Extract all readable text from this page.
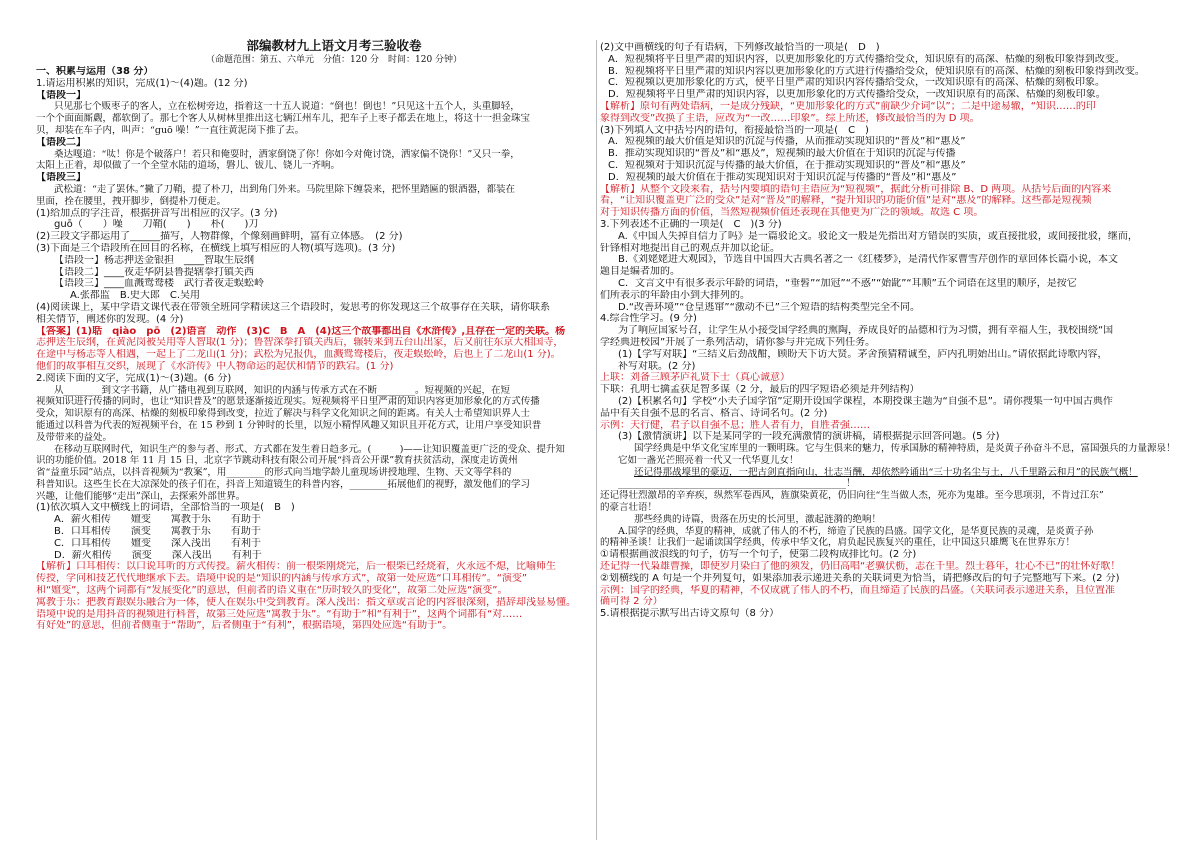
部编教材九上语文月考三验收卷
（命题范围：第五、六单元　分值：120 分　时间：120 分钟）
一、积累与运用（38 分）
1.请运用积累的知识，完成(1)～(4)题。(12 分)
【语段一】
只见那七个贩枣子的客人，立在松树旁边，指着这一十五人说道：“倒也！倒也！”只见这十五个人，头重脚轻，
一个个面面厮觑，都软倒了。那七个客人从树林里推出这七辆江州车儿，把车子上枣子都丢在地上，将这十一担金珠宝
贝，却装在车子内，叫声：“guō 噪！”一直往黄泥岗下推了去。
【语段二】
桑达嘎道：“呔！你是个破落户！若只和俺耍时，洒家倒饶了你！你如今对俺讨饶，洒家偏不饶你！”又只一拳，
太阳上正着，却似做了一个全堂水陆的道场，磐儿、钹儿、铙儿一齐响。
【语段三】
武松道：“走了罢休。”撇了刀鞘，提了朴刀，出到角门外来。马院里除下缠袋来，把怀里踏匾的银酒器，都装在
里面，拴在腰里，拽开脚步，倒提朴刀便走。
(1)给加点的字注音，根据拼音写出相应的汉字。(3 分)
guō（　　）噪　　刀鞘(　　)　　朴(　　)刀
(2)三段文字都运用了______描写，人物群像，个像刻画鲜明，富有立体感。　(2 分)
(3)下面是三个语段所在回目的名称，在横线上填写相应的人物(填写选项)。(3 分)
【语段一】杨志押送金银担　____智取生辰纲
【语段二】____夜走华阴县鲁提辖拳打镇关西
【语段三】____血溅鸳鸯楼　武行者夜走蜈蚣岭
A.张都监　B.史大郎　C.吴用
(4)阅读课上，某中学语文课代表在带领全班同学精读这三个语段时，爱思考的你发现这三个故事存在关联，请你联系
相关情节，阐述你的发现。(4 分)
【答案】(1)聒　qiào　pō　(2)语言　动作　(3)C　B　A　(4)这三个故事都出自《水浒传》,且存在一定的关联。杨
志押送生辰纲，在黄泥岗被吴用等人智取(1 分)；鲁智深拳打镇关西后，辗转来到五台山出家，后又前往东京大相国寺，
在途中与杨志等人相遇，一起上了二龙山(1 分)；武松为兄报仇，血溅鸳鸯楼后，夜走蜈蚣岭，后也上了二龙山(1 分)。
他们的故事相互交织，展现了《水浒传》中人物命运的起伏和情节的跌宕。(1 分)
2.阅读下面的文字，完成(1)～(3)题。(6 分)
从________到文字书籍，从广播电视到互联网，知识的内涵与传承方式在不断________。短视频的兴起，在短
视频知识进行传播的同时，也让“知识普及”的愿景逐渐接近现实。短视频将平日里严肃的知识内容更加形象化的方式传播
受众，知识原有的高深、枯燥的刻板印象得到改变，拉近了解决与科学文化知识之间的距离。有关人士希望知识界人士
能通过以科普为代表的短视频平台，在 15 秒到 1 分钟时的长里，以短小精悍风趣又知识且开花方式，让用户享受知识普
及带带来的益处。
在移动互联网时代，知识生产的参与者、形式、方式都在发生着日趋多元。(　　　)——让知识覆盖更广泛的受众、提升知
识的功能价值。2018 年 11 月 15 日，北京字节跳动科技有限公司开展“抖音公开课”教育扶贫活动，深度走访黄州
省“益童乐园”站点，以抖音视频为“教案”，用________的形式向当地学龄儿童现场讲授地理、生物、天文等学科的
科普知识。这些生长在大凉深处的孩子们在，抖音上知道镜生的科普内容，________拓展他们的视野，激发他们的学习
兴趣，让他们能够“走出”深山，去探索外部世界。
(1)依次填入文中横线上的词语，全部恰当的一项是(　B　)
A．薪火相传　　嬗变　　寓教于乐　　有助于
B．口耳相传　　演变　　寓教于乐　　有助于
C．口耳相传　　嬗变　　深入浅出　　有利于
D．薪火相传　　演变　　深入浅出　　有利于
【解析】口耳相传：以口说耳听的方式传授。薪火相传：前一根柴刚烧完，后一根柴已经烧着，火永远不熄，比喻师生
传授，学问和技艺代代地继承下去。语境中说的是“知识的内涵与传承方式”，故第一处应选“口耳相传”。“演变”
和“嬗变”，这两个词都有“发展变化”的意思，但前者的语义重在“历时较久的变化”，故第二处应选“演变”。
寓教于乐：把教育跟娱乐融合为一体，使人在娱乐中受到教育。深入浅出：指文章或言论的内容很深刻，措辞却浅显易懂。
语境中说的是用抖音的视频进行科普，故第三处应选“寓教于乐”。“有助于”和“有利于”，这两个词都有“对……
有好处”的意思，但前者侧重于“帮助”，后者侧重于“有利”，根据语境，第四处应选“有助于”。
(2)文中画横线的句子有语病，下列修改最恰当的一项是(　D　)
A．短视频将平日里严肃的知识内容，以更加形象化的方式传播给受众，知识原有的高深、枯燥的刻板印象得到改变。
B．短视频将平日里严肃的知识内容以更加形象化的方式进行传播给受众，使知识原有的高深、枯燥的刻板印象得到改变。
C．短视频以更加形象化的方式，使平日里严肃的知识内容传播给受众，一改知识原有的高深、枯燥的刻板印象。
D．短视频将平日里严肃的知识内容，以更加形象化的方式传播给受众，一改知识原有的高深、枯燥的刻板印象。
【解析】原句有两处语病，一是成分残缺，“更加形象化的方式”前缺少介词“以”；二是中途易辙，“知识……的印
象得到改变”改换了主语，应改为“一改……印象”。综上所述，修改最恰当的为 D 项。
(3)下列填入文中括号内的语句，衔接最恰当的一项是(　C　)
A．短视频的最大价值是知识的沉淀与传播，从而推动实现知识的“普及”和“惠及”
B．推动实现知识的“普及”和“惠及”，短视频的最大价值在于知识的沉淀与传播
C．短视频对于知识沉淀与传播的最大价值，在于推动实现知识的“普及”和“惠及”
D．短视频的最大价值在于推动实现知识对于知识沉淀与传播的“普及”和“惠及”
【解析】从整个文段来看，括号内要填的语句主语应为“短视频”，据此分析可排除 B、D 两项。从括号后面的内容来
看，“让知识覆盖更广泛的受众”是对“普及”的解释，“提升知识的功能价值”是对“惠及”的解释。这些都是短视频
对于知识传播方面的价值，当然短视频价值还表现在其他更为广泛的领域。故选 C 项。
3.下列表述不正确的一项是(　C　)(3 分)
A.《中国人失掉自信力了吗》是一篇驳论文。驳论文一般是先指出对方错误的实质，或直接批驳，或间接批驳，继而，
针锋相对地提出自己的观点并加以论证。
B.《刘姥姥进大观园》，节选自中国四大古典名著之一《红楼梦》，是清代作家曹雪芹创作的章回体长篇小说，本文
题目是编者加的。
C．文言文中有很多表示年龄的词语，“垂髫”“加冠”“不惑”“始龀”“耳顺”五个词语在这里的顺序，是按它
们所表示的年龄由小到大排列的。
D.“改善环境”“仓皇逃窜”“激动不已”三个短语的结构类型完全不同。
4.综合性学习。(9 分)
为了响应国家号召，让学生从小接受国学经典的熏陶，养成良好的品德和行为习惯，拥有幸福人生，我校围绕“国
学经典进校园”开展了一系列活动，请你参与并完成下列任务。
(1)【学写对联】“三结义后劲战酣，顾盼天下访大贤。茅舍预猜精诚至，庐内孔明始出山。”请依据此诗歌内容，
补写对联。(2 分)
上联：刘备三顾茅庐礼贤下士（真心诚意）
下联：孔明七擒孟获足智多谋（2 分，最后的四字短语必须是并列结构）
(2)【积累名句】学校“小夫子国学馆”定期开设国学课程，本期授课主题为“自强不息”。请你搜集一句中国古典作
品中有关自强不息的名言、格言、诗词名句。(2 分)
示例：天行健，君子以自强不息；胜人者有力，自胜者强……
(3)【激情演讲】以下是某同学的一段充满激情的演讲稿，请根据提示回答问题。(5 分)
国学经典是中华文化宝库里的一颗明珠。它与生俱来的魅力，传承国脉的精神特质，是炎黄子孙奋斗不息，富国强兵的力量源泉！
它如一盏光芒照亮着一代又一代华夏儿女！
还记得那战壕里的豪迈，一把古剑直指向山，壮志当酬，却依然吟诵出“三十功名尘与土，八千里路云和月”的民族气概！
________________________________________________！
还记得壮烈激昂的辛弃疾，纵然军卷西风，旌旗染黄花，仍旧向往“生当做人杰，死亦为鬼雄。至今思项羽，不肯过江东”
的豪言壮语！
那些经典的诗篇，贵落在历史的长河里，激起涟漪的绝响！
A.国学的经典，华夏的精神，成就了伟人的不朽，缔造了民族的昌盛。国学文化，是华夏民族的灵魂，是炎黄子孙
的精神圣谈！让我们一起诵读国学经典，传承中华文化，肩负起民族复兴的重任，让中国这只雄鹰飞在世界东方！
①请根据画波浪线的句子，仿写一个句子，使第二段构成排比句。(2 分)
还记得一代枭雄曹操，即使岁月染白了他的须发，仍旧高唱“老骥伏枥，志在千里。烈士暮年，壮心不已”的壮怀好歌！
②划横线的 A 句是一个并列复句，如果添加表示递进关系的关联词更为恰当，请把修改后的句子完整地写下来。(2 分)
示例：国学的经典，华夏的精神，不仅成就了伟人的不朽，而且缔造了民族的昌盛。（关联词表示递进关系，且位置准
确可得 2 分）
5.请根据提示默写出古诗文原句（8 分）
